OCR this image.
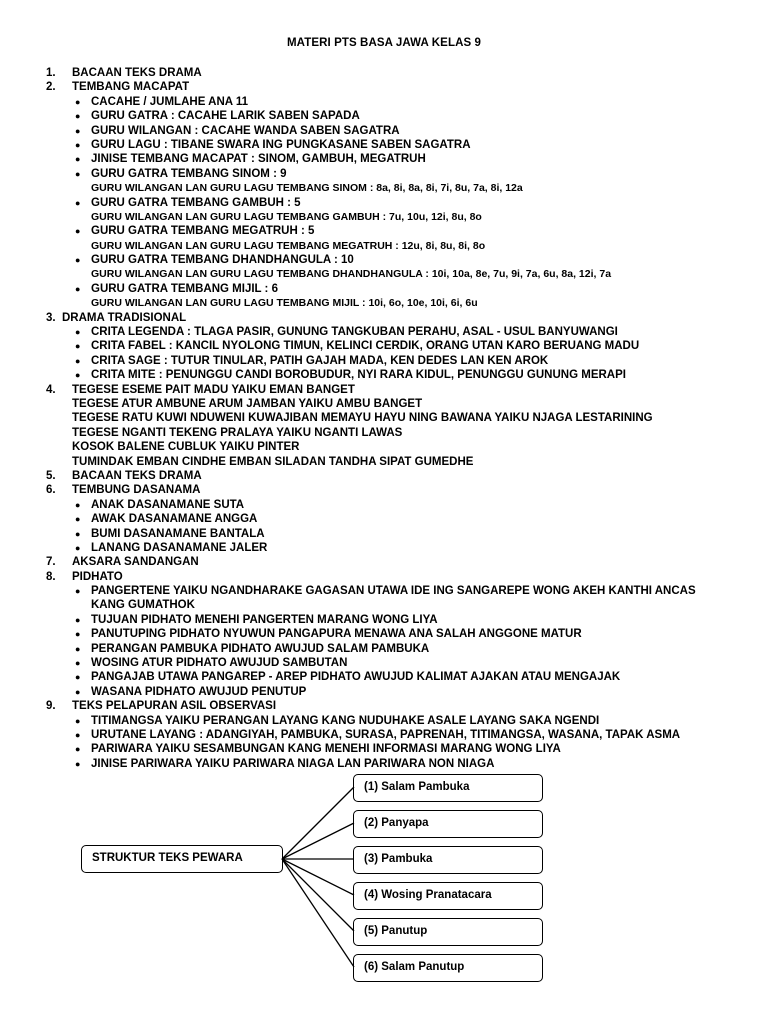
MATERI PTS BASA JAWA KELAS 9
1. BACAAN TEKS DRAMA
2. TEMBANG MACAPAT
● CACAHE / JUMLAHE ANA 11
● GURU GATRA : CACAHE LARIK SABEN SAPADA
● GURU WILANGAN : CACAHE WANDA SABEN SAGATRA
● GURU LAGU : TIBANE SWARA ING PUNGKASANE SABEN SAGATRA
● JINISE TEMBANG MACAPAT : SINOM, GAMBUH, MEGATRUH
● GURU GATRA TEMBANG SINOM : 9
GURU WILANGAN LAN GURU LAGU TEMBANG SINOM : 8a, 8i, 8a, 8i, 7i, 8u, 7a, 8i, 12a
● GURU GATRA TEMBANG GAMBUH : 5
GURU WILANGAN LAN GURU LAGU TEMBANG GAMBUH : 7u, 10u, 12i, 8u, 8o
● GURU GATRA TEMBANG MEGATRUH : 5
GURU WILANGAN LAN GURU LAGU TEMBANG MEGATRUH : 12u, 8i, 8u, 8i, 8o
● GURU GATRA TEMBANG DHANDHANGULA : 10
GURU WILANGAN LAN GURU LAGU TEMBANG DHANDHANGULA : 10i, 10a, 8e, 7u, 9i, 7a, 6u, 8a, 12i, 7a
● GURU GATRA TEMBANG MIJIL : 6
GURU WILANGAN LAN GURU LAGU TEMBANG MIJIL : 10i, 6o, 10e, 10i, 6i, 6u
3. DRAMA TRADISIONAL
● CRITA LEGENDA : TLAGA PASIR, GUNUNG TANGKUBAN PERAHU, ASAL - USUL BANYUWANGI
● CRITA FABEL : KANCIL NYOLONG TIMUN, KELINCI CERDIK, ORANG UTAN KARO BERUANG MADU
● CRITA SAGE : TUTUR TINULAR, PATIH GAJAH MADA, KEN DEDES LAN KEN AROK
● CRITA MITE : PENUNGGU CANDI BOROBUDUR, NYI RARA KIDUL, PENUNGGU GUNUNG MERAPI
4. TEGESE ESEME PAIT MADU YAIKU EMAN BANGET
TEGESE ATUR AMBUNE ARUM JAMBAN YAIKU AMBU BANGET
TEGESE RATU KUWI NDUWENI KUWAJIBAN MEMAYU HAYU NING BAWANA YAIKU NJAGA LESTARINING
TEGESE NGANTI TEKENG PRALAYA YAIKU NGANTI LAWAS
KOSOK BALENE CUBLUK YAIKU PINTER
TUMINDAK EMBAN CINDHE EMBAN SILADAN TANDHA SIPAT GUMEDHE
5. BACAAN TEKS DRAMA
6. TEMBUNG DASANAMA
● ANAK DASANAMANE SUTA
● AWAK DASANAMANE ANGGA
● BUMI DASANAMANE BANTALA
● LANANG DASANAMANE JALER
7. AKSARA SANDANGAN
8. PIDHATO
● PANGERTENE YAIKU NGANDHARAKE GAGASAN UTAWA IDE ING SANGAREPE WONG AKEH KANTHI ANCAS
KANG GUMATHOK
● TUJUAN PIDHATO MENEHI PANGERTEN MARANG WONG LIYA
● PANUTUPING PIDHATO NYUWUN PANGAPURA MENAWA ANA SALAH ANGGONE MATUR
● PERANGAN PAMBUKA PIDHATO AWUJUD SALAM PAMBUKA
● WOSING ATUR PIDHATO AWUJUD SAMBUTAN
● PANGAJAB UTAWA PANGAREP - AREP PIDHATO AWUJUD KALIMAT AJAKAN ATAU MENGAJAK
● WASANA PIDHATO AWUJUD PENUTUP
9. TEKS PELAPURAN ASIL OBSERVASI
● TITIMANGSA YAIKU PERANGAN LAYANG KANG NUDUHAKE ASALE LAYANG SAKA NGENDI
● URUTANE LAYANG : ADANGIYAH, PAMBUKA, SURASA, PAPRENAH, TITIMANGSA, WASANA, TAPAK ASMA
● PARIWARA YAIKU SESAMBUNGAN KANG MENEHI INFORMASI MARANG WONG LIYA
● JINISE PARIWARA YAIKU PARIWARA NIAGA LAN PARIWARA NON NIAGA
STRUKTUR TEKS PEWARA
(1) Salam Pambuka
(2) Panyapa
(3) Pambuka
(4) Wosing Pranatacara
(5) Panutup
(6) Salam Panutup
